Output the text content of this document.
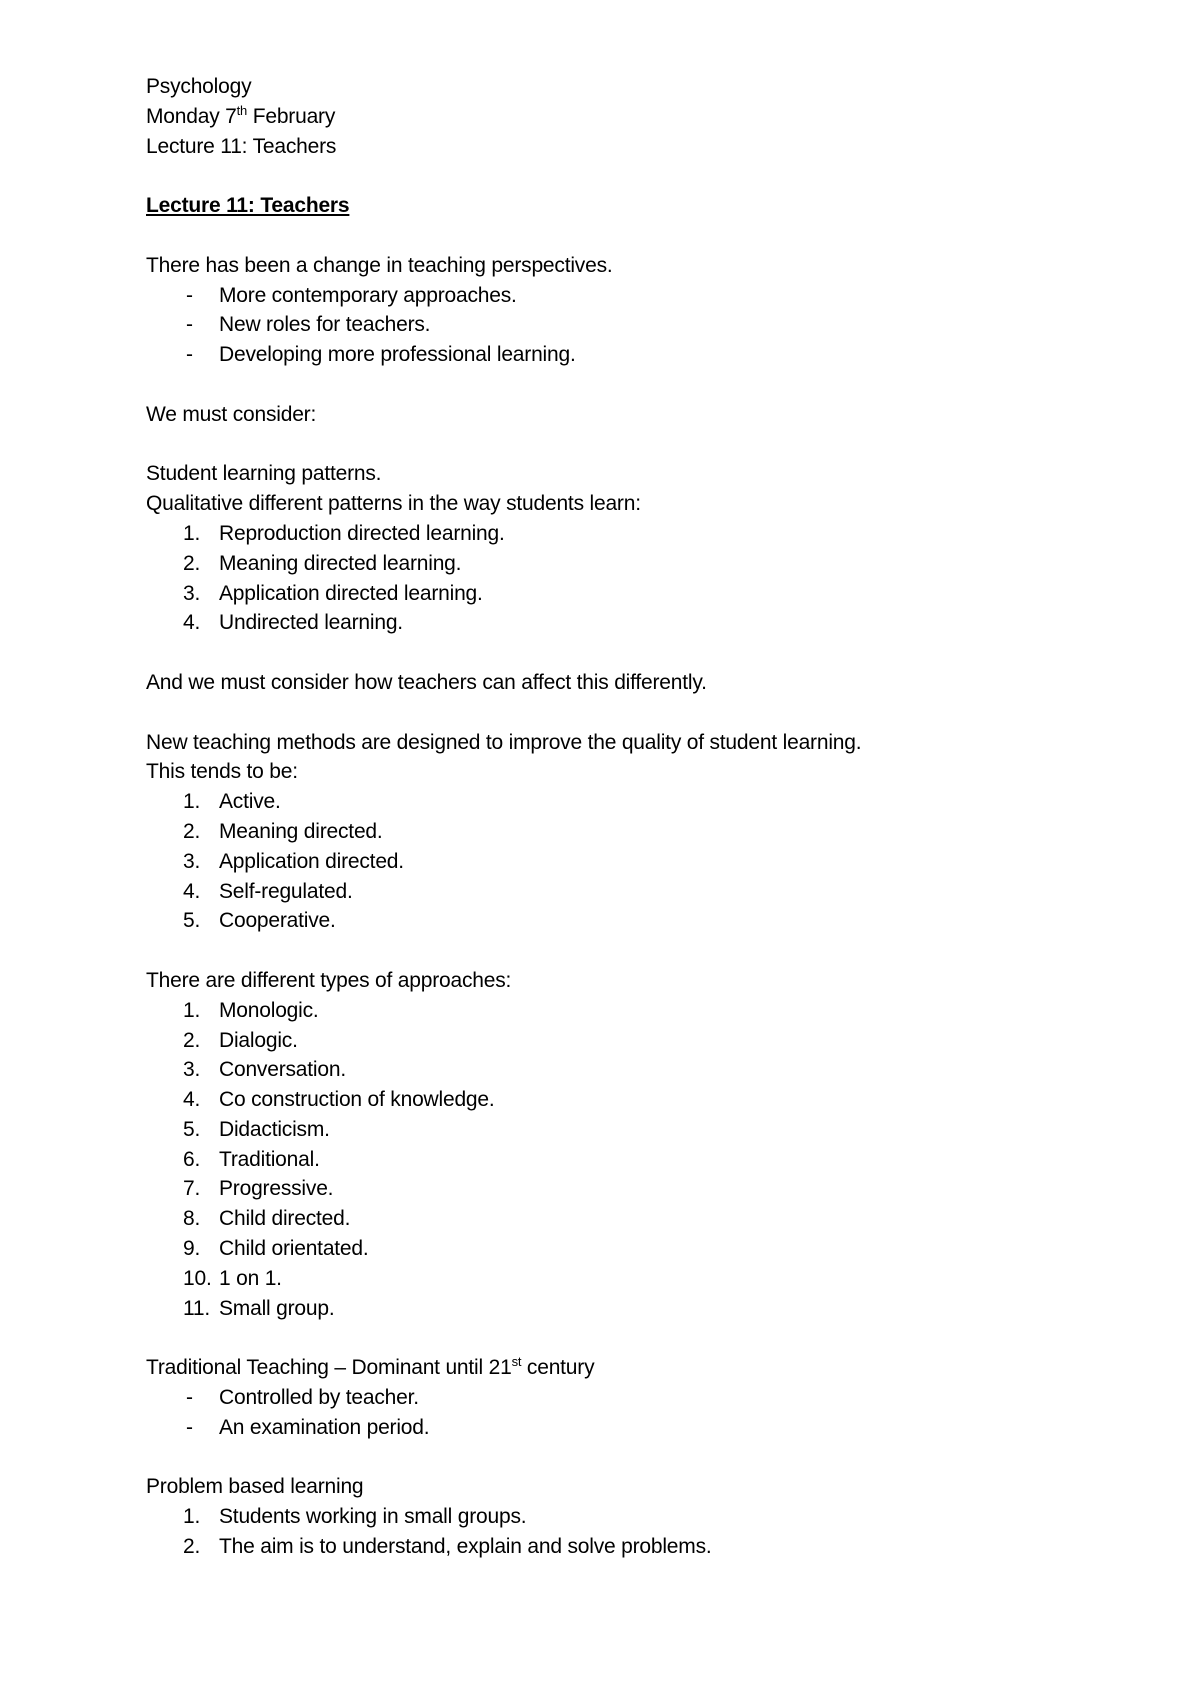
Psychology
Monday 7th February
Lecture 11: Teachers
Lecture 11: Teachers
There has been a change in teaching perspectives.
- More contemporary approaches.
- New roles for teachers.
- Developing more professional learning.
We must consider:
Student learning patterns.
Qualitative different patterns in the way students learn:
1. Reproduction directed learning.
2. Meaning directed learning.
3. Application directed learning.
4. Undirected learning.
And we must consider how teachers can affect this differently.
New teaching methods are designed to improve the quality of student learning.
This tends to be:
1. Active.
2. Meaning directed.
3. Application directed.
4. Self-regulated.
5. Cooperative.
There are different types of approaches:
1. Monologic.
2. Dialogic.
3. Conversation.
4. Co construction of knowledge.
5. Didacticism.
6. Traditional.
7. Progressive.
8. Child directed.
9. Child orientated.
10. 1 on 1.
11. Small group.
Traditional Teaching – Dominant until 21st century
- Controlled by teacher.
- An examination period.
Problem based learning
1. Students working in small groups.
2. The aim is to understand, explain and solve problems.
